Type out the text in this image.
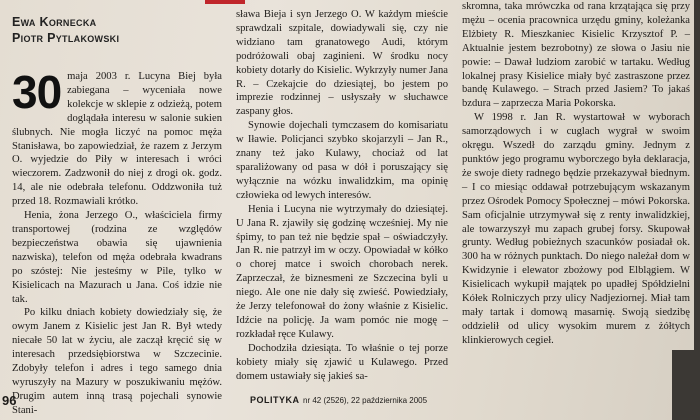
Ewa Kornecka
Piotr Pytlakowski

30 maja 2003 r. Lucyna Biej była zabiegana – wyceniała nowe kolekcje w sklepie z odzieżą, potem doglądała interesu w salonie sukien ślubnych. Nie mogła liczyć na pomoc męża Stanisława, bo zapowiedział, że razem z Jerzym O. wyjedzie do Piły w interesach i wróci wieczorem. Zadzwonił do niej z drogi ok. godz. 14, ale nie odebrała telefonu. Oddzwoniła tuż przed 18. Rozmawiali krótko.

Henia, żona Jerzego O., właściciela firmy transportowej (rodzina ze względów bezpieczeństwa obawia się ujawnienia nazwiska), telefon od męża odebrała kwadrans po szóstej: Nie jesteśmy w Pile, tylko w Kisielicach na Mazurach u Jana. Coś idzie nie tak.

Po kilku dniach kobiety dowiedziały się, że owym Janem z Kisielic jest Jan R. Był wtedy niecałe 50 lat w życiu, ale zaczął kręcić się w interesach przedsiębiorstwa w Szczecinie. Zdobyły telefon i adres i tego samego dnia wyruszyły na Mazury w poszukiwaniu mężów. Drugim autem inną trasą pojechali synowie Stani-

sława Bieja i syn Jerzego O. W każdym mieście sprawdzali szpitale, dowiadywali się, czy nie widziano tam granatowego Audi, którym podróżowali obaj zaginieni. W środku nocy kobiety dotarły do Kisielic. Wykrzyły numer Jana R. – Czekajcie do dziesiątej, bo jestem po imprezie rodzinnej – usłyszały w słuchawce zaspany głos.

Synowie dojechali tymczasem do komisariatu w Iławie. Policjanci szybko skojarzyli – Jan R., znany też jako Kulawy, chociaż od lat sparaliżowany od pasa w dół i poruszający się wyłącznie na wózku inwalidzkim, ma opinię człowieka od lewych interesów.

Henia i Lucyna nie wytrzymały do dziesiątej. U Jana R. zjawiły się godzinę wcześniej. My nie śpimy, to pan też nie będzie spał – oświadczyły. Jan R. nie patrzył im w oczy. Opowiadał w kółko o chorej matce i swoich chorobach nerek. Zaprzeczał, że biznesmeni ze Szczecina byli u niego. Ale one nie dały się zwieść. Powiedziały, że Jerzy telefonował do żony właśnie z Kisielic. Idźcie na policję. Ja wam pomóc nie mogę – rozkładał ręce Kulawy.

Dochodziła dziesiąta. To właśnie o tej porze kobiety miały się zjawić u Kulawego. Przed domem ustawiały się jakieś sa-

skromna, taka mrówczka od rana krzątająca się przy mężu – ocenia pracownica urzędu gminy, koleżanka Elżbiety R. Mieszkaniec Kisielic Krzysztof P. – Aktualnie jestem bezrobotny) ze słowa o Jasiu nie powie: – Dawał ludziom zarobić w tartaku. Według lokalnej prasy Kisielice miały być zastraszone przez bandę Kulawego. – Strach przed Jasiem? To jakaś bzdura – zaprzecza Maria Pokorska.

W 1998 r. Jan R. wystartował w wyborach samorządowych i w cuglach wygrał w swoim okręgu. Wszedł do zarządu gminy. Jednym z punktów jego programu wyborczego była deklaracja, że swoje diety radnego będzie przekazywał biednym. – I co miesiąc oddawał potrzebującym wskazanym przez Ośrodek Pomocy Społecznej – mówi Pokorska. Sam oficjalnie utrzymywał się z renty inwalidzkiej, ale towarzyszył mu zapach grubej forsy. Skupował grunty. Według pobieżnych szacunków posiadał ok. 300 ha w różnych punktach. Do niego należał dom w Kwidzynie i elewator zbożowy pod Elblągiem. W Kisielicach wykupił majątek po upadłej Spółdzielni Kółek Rolniczych przy ulicy Nadjeziornej. Miał tam mały tartak i domową masarnię. Swoją siedzibę oddzielił od ulicy wysokim murem z żółtych klinkierowych cegieł.

96	POLITYKA nr 42 (2526), 22 października 2005
